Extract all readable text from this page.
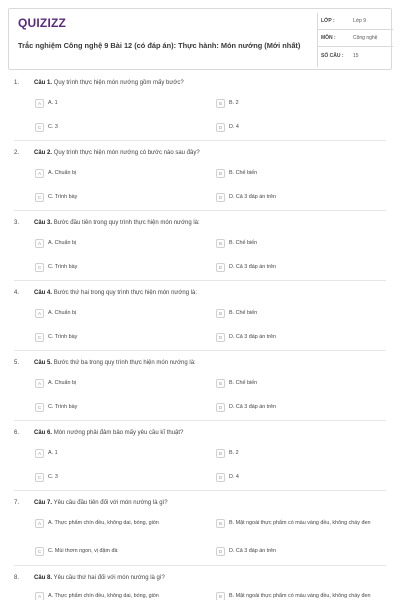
QUIZIZZ
Trắc nghiệm Công nghệ 9 Bài 12 (có đáp án): Thực hành: Món nướng (Mới nhất)
LỚP :	Lớp 9
MÔN :	Công nghệ
SỐ CÂU :	15
1. Câu 1. Quy trình thực hiện món nướng gồm mấy bước?
A	A. 1	B	B. 2
C	C. 3	D	D. 4
2. Câu 2. Quy trình thực hiện món nướng có bước nào sau đây?
A	A. Chuẩn bị	B	B. Chế biến
C	C. Trình bày	D	D. Cả 3 đáp án trên
3. Câu 3. Bước đầu tiên trong quy trình thực hiện món nướng là:
A	A. Chuẩn bị	B	B. Chế biến
C	C. Trình bày	D	D. Cả 3 đáp án trên
4. Câu 4. Bước thứ hai trong quy trình thực hiện món nướng là:
A	A. Chuẩn bị	B	B. Chế biến
C	C. Trình bày	D	D. Cả 3 đáp án trên
5. Câu 5. Bước thứ ba trong quy trình thực hiện món nướng là:
A	A. Chuẩn bị	B	B. Chế biến
C	C. Trình bày	D	D. Cả 3 đáp án trên
6. Câu 6. Món nướng phải đảm bảo mấy yêu cầu kĩ thuật?
A	A. 1	B	B. 2
C	C. 3	D	D. 4
7. Câu 7. Yêu cầu đầu tiên đối với món nướng là gì?
A	A. Thực phẩm chín đều, không dai, bóng, giòn	B	B. Mặt ngoài thực phẩm có màu vàng đều, không cháy đen
C	C. Mùi thơm ngon, vị đậm đà	D	D. Cả 3 đáp án trên
8. Câu 8. Yêu cầu thứ hai đối với món nướng là gì?
A	A. Thực phẩm chín đều, không dai, bóng, giòn	B	B. Mặt ngoài thực phẩm có màu vàng đều, không cháy đen
